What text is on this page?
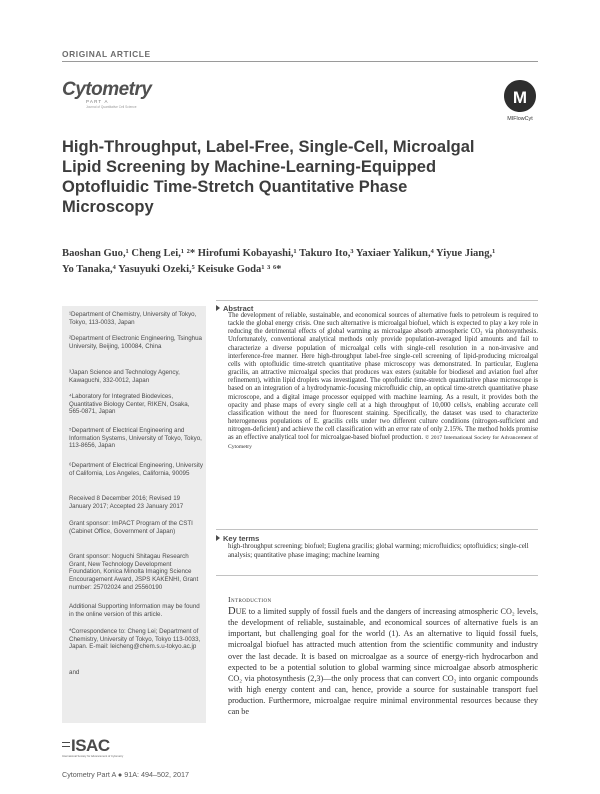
ORIGINAL ARTICLE
Cytometry
PART A
Journal of Quantitative Cell Science	M
MIFlowCyt
High-Throughput, Label-Free, Single-Cell, Microalgal Lipid Screening by Machine-Learning-Equipped Optofluidic Time-Stretch Quantitative Phase Microscopy
Baoshan Guo,¹ Cheng Lei,¹ ²* Hirofumi Kobayashi,¹ Takuro Ito,³ Yaxiaer Yalikun,⁴ Yiyue Jiang,¹
Yo Tanaka,⁴ Yasuyuki Ozeki,⁵ Keisuke Goda¹ ³ ⁶*
¹Department of Chemistry, University of Tokyo, Tokyo, 113-0033, Japan
²Department of Electronic Engineering, Tsinghua University, Beijing, 100084, China
³Japan Science and Technology Agency, Kawaguchi, 332-0012, Japan
⁴Laboratory for Integrated Biodevices, Quantitative Biology Center, RIKEN, Osaka, 565-0871, Japan
⁵Department of Electrical Engineering and Information Systems, University of Tokyo, Tokyo, 113-8656, Japan
⁶Department of Electrical Engineering, University of California, Los Angeles, California, 90095
Received 8 December 2016; Revised 19 January 2017; Accepted 23 January 2017
Grant sponsor: ImPACT Program of the CSTI (Cabinet Office, Government of Japan)
Grant sponsor: Noguchi Shitagau Research Grant, New Technology Development Foundation, Konica Minolta Imaging Science Encouragement Award, JSPS KAKENHI, Grant number: 25702024 and 25560190
Additional Supporting Information may be found in the online version of this article.
*Correspondence to: Cheng Lei; Department of Chemistry, University of Tokyo, Tokyo 113-0033, Japan. E-mail: leicheng@chem.s.u-tokyo.ac.jp
and
ISAC
International Society for Advancement of Cytometry
Cytometry Part A ● 91A: 494–502, 2017
Abstract
The development of reliable, sustainable, and economical sources of alternative fuels to petroleum is required to tackle the global energy crisis. One such alternative is microalgal biofuel, which is expected to play a key role in reducing the detrimental effects of global warming as microalgae absorb atmospheric CO₂ via photosynthesis. Unfortunately, conventional analytical methods only provide population-averaged lipid amounts and fail to characterize a diverse population of microalgal cells with single-cell resolution in a non-invasive and interference-free manner. Here high-throughput label-free single-cell screening of lipid-producing microalgal cells with optofluidic time-stretch quantitative phase microscopy was demonstrated. In particular, Euglena gracilis, an attractive microalgal species that produces wax esters (suitable for biodiesel and aviation fuel after refinement), within lipid droplets was investigated. The optofluidic time-stretch quantitative phase microscope is based on an integration of a hydrodynamic-focusing microfluidic chip, an optical time-stretch quantitative phase microscope, and a digital image processor equipped with machine learning. As a result, it provides both the opacity and phase maps of every single cell at a high throughput of 10,000 cells/s, enabling accurate cell classification without the need for fluorescent staining. Specifically, the dataset was used to characterize heterogeneous populations of E. gracilis cells under two different culture conditions (nitrogen-sufficient and nitrogen-deficient) and achieve the cell classification with an error rate of only 2.15%. The method holds promise as an effective analytical tool for microalgae-based biofuel production. © 2017 International Society for Advancement of Cytometry
Key terms
high-throughput screening; biofuel; Euglena gracilis; global warming; microfluidics; optofluidics; single-cell analysis; quantitative phase imaging; machine learning
Introduction
DUE to a limited supply of fossil fuels and the dangers of increasing atmospheric CO₂ levels, the development of reliable, sustainable, and economical sources of alternative fuels is an important, but challenging goal for the world (1). As an alternative to liquid fossil fuels, microalgal biofuel has attracted much attention from the scientific community and industry over the last decade. It is based on microalgae as a source of energy-rich hydrocarbon and expected to be a potential solution to global warming since microalgae absorb atmospheric CO₂ via photosynthesis (2,3)—the only process that can convert CO₂ into organic compounds with high energy content and can, hence, provide a source for sustainable transport fuel production. Furthermore, microalgae require minimal environmental resources because they can be
